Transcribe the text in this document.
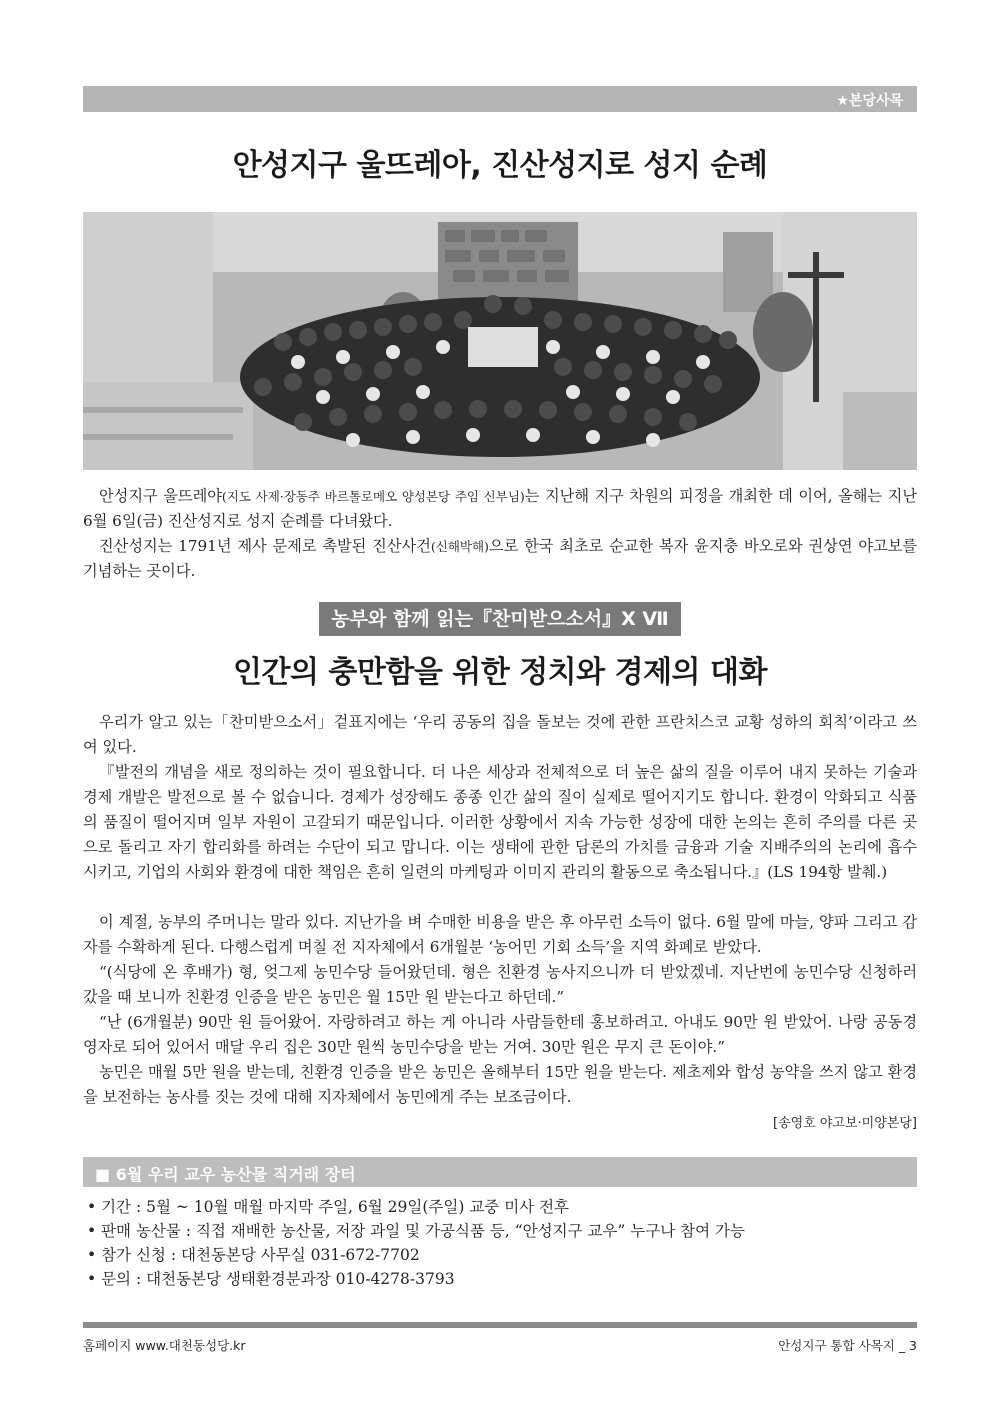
★본당사목
안성지구 울뜨레아, 진산성지로 성지 순례

안성지구 울뜨레야(지도 사제·장동주 바르톨로메오 양성본당 주임 신부님)는 지난해 지구 차원의 피정을 개최한 데 이어, 올해는 지난 6월 6일(금) 진산성지로 성지 순례를 다녀왔다.

진산성지는 1791년 제사 문제로 촉발된 진산사건(신해박해)으로 한국 최초로 순교한 복자 윤지충 바오로와 권상연 야고보를 기념하는 곳이다.

농부와 함께 읽는『찬미받으소서』Ⅹ Ⅶ
인간의 충만함을 위한 정치와 경제의 대화

우리가 알고 있는「찬미받으소서」겉표지에는 ‘우리 공동의 집을 돌보는 것에 관한 프란치스코 교황 성하의 회칙’이라고 쓰여 있다.

『발전의 개념을 새로 정의하는 것이 필요합니다. 더 나은 세상과 전체적으로 더 높은 삶의 질을 이루어 내지 못하는 기술과 경제 개발은 발전으로 볼 수 없습니다. 경제가 성장해도 종종 인간 삶의 질이 실제로 떨어지기도 합니다. 환경이 악화되고 식품의 품질이 떨어지며 일부 자원이 고갈되기 때문입니다. 이러한 상황에서 지속 가능한 성장에 대한 논의는 흔히 주의를 다른 곳으로 돌리고 자기 합리화를 하려는 수단이 되고 맙니다. 이는 생태에 관한 담론의 가치를 금융과 기술 지배주의의 논리에 흡수시키고, 기업의 사회와 환경에 대한 책임은 흔히 일련의 마케팅과 이미지 관리의 활동으로 축소됩니다.』(LS 194항 발췌.)

이 계절, 농부의 주머니는 말라 있다. 지난가을 벼 수매한 비용을 받은 후 아무런 소득이 없다. 6월 말에 마늘, 양파 그리고 감자를 수확하게 된다. 다행스럽게 며칠 전 지자체에서 6개월분 ‘농어민 기회 소득’을 지역 화폐로 받았다.

“(식당에 온 후배가) 형, 엊그제 농민수당 들어왔던데. 형은 친환경 농사지으니까 더 받았겠네. 지난번에 농민수당 신청하러 갔을 때 보니까 친환경 인증을 받은 농민은 월 15만 원 받는다고 하던데.”

“난 (6개월분) 90만 원 들어왔어. 자랑하려고 하는 게 아니라 사람들한테 홍보하려고. 아내도 90만 원 받았어. 나랑 공동경영자로 되어 있어서 매달 우리 집은 30만 원씩 농민수당을 받는 거여. 30만 원은 무지 큰 돈이야.”

농민은 매월 5만 원을 받는데, 친환경 인증을 받은 농민은 올해부터 15만 원을 받는다. 제초제와 합성 농약을 쓰지 않고 환경을 보전하는 농사를 짓는 것에 대해 지자체에서 농민에게 주는 보조금이다.

[송영호 야고보·미양본당]
■ 6월 우리 교우 농산물 직거래 장터
• 기간 : 5월 ~ 10월 매월 마지막 주일, 6월 29일(주일) 교중 미사 전후
• 판매 농산물 : 직접 재배한 농산물, 저장 과일 및 가공식품 등, “안성지구 교우” 누구나 참여 가능
• 참가 신청 : 대천동본당 사무실 031-672-7702
• 문의 : 대천동본당 생태환경분과장 010-4278-3793
홈페이지 www.대천동성당.kr	안성지구 통합 사목지 _ 3
